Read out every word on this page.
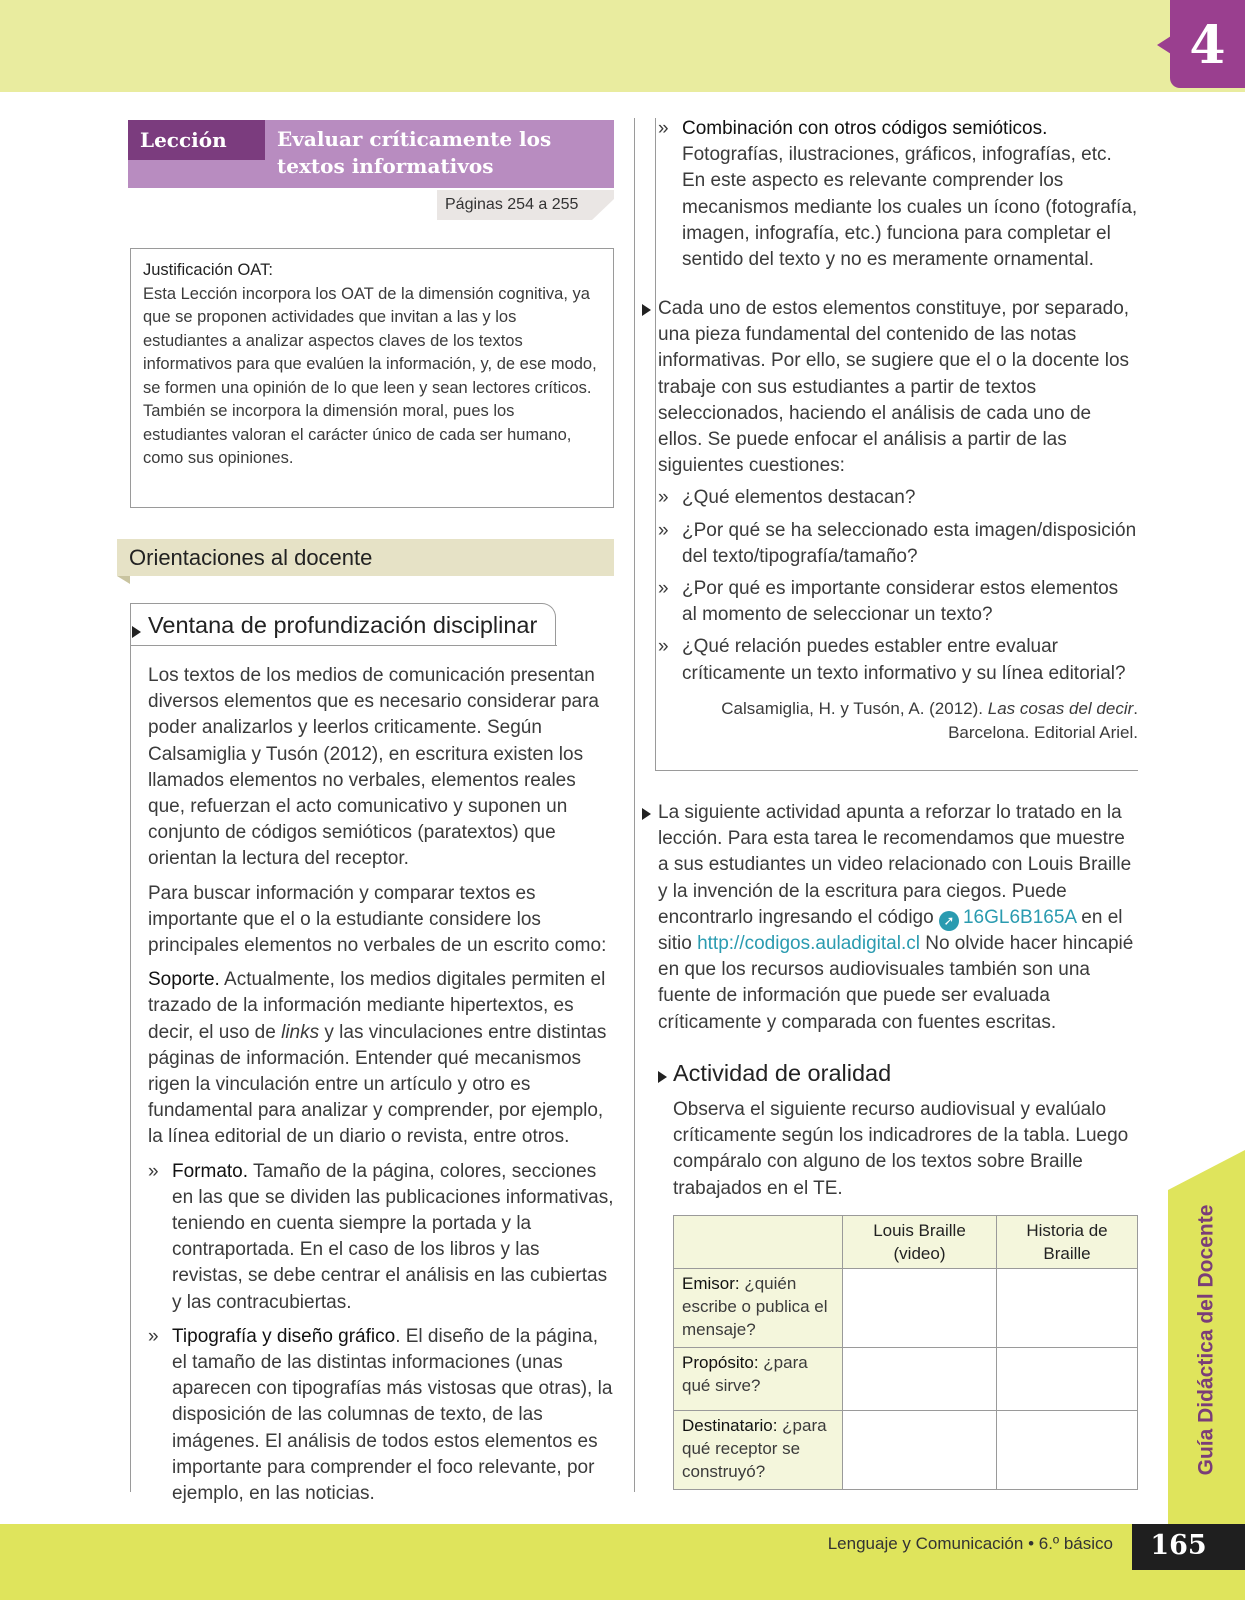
4
Guía Didáctica del Docente
Lenguaje y Comunicación • 6.º básico	165
Lección	Evaluar críticamente los textos informativos
Páginas 254 a 255

Justificación OAT:

Esta Lección incorpora los OAT de la dimensión cognitiva, ya que se proponen actividades que invitan a las y los estudiantes a analizar aspectos claves de los textos informativos para que evalúen la información, y, de ese modo, se formen una opinión de lo que leen y sean lectores críticos.

También se incorpora la dimensión moral, pues los estudiantes valoran el carácter único de cada ser humano, como sus opiniones.

Orientaciones al docente
Ventana de profundización disciplinar

Los textos de los medios de comunicación presentan diversos elementos que es necesario considerar para poder analizarlos y leerlos criticamente. Según Calsamiglia y Tusón (2012), en escritura existen los llamados elementos no verbales, elementos reales que, refuerzan el acto comunicativo y suponen un conjunto de códigos semióticos (paratextos) que orientan la lectura del receptor.

Para buscar información y comparar textos es importante que el o la estudiante considere los principales elementos no verbales de un escrito como:

Soporte. Actualmente, los medios digitales permiten el trazado de la información mediante hipertextos, es decir, el uso de links y las vinculaciones entre distintas páginas de información. Entender qué mecanismos rigen la vinculación entre un artículo y otro es fundamental para analizar y comprender, por ejemplo, la línea editorial de un diario o revista, entre otros.

» Formato. Tamaño de la página, colores, secciones en las que se dividen las publicaciones informativas, teniendo en cuenta siempre la portada y la contraportada. En el caso de los libros y las revistas, se debe centrar el análisis en las cubiertas y las contracubiertas.
» Tipografía y diseño gráfico. El diseño de la página, el tamaño de las distintas informaciones (unas aparecen con tipografías más vistosas que otras), la disposición de las columnas de texto, de las imágenes. El análisis de todos estos elementos es importante para comprender el foco relevante, por ejemplo, en las noticias.
» Combinación con otros códigos semióticos. Fotografías, ilustraciones, gráficos, infografías, etc. En este aspecto es relevante comprender los mecanismos mediante los cuales un ícono (fotografía, imagen, infografía, etc.) funciona para completar el sentido del texto y no es meramente ornamental.

Cada uno de estos elementos constituye, por separado, una pieza fundamental del contenido de las notas informativas. Por ello, se sugiere que el o la docente los trabaje con sus estudiantes a partir de textos seleccionados, haciendo el análisis de cada uno de ellos. Se puede enfocar el análisis a partir de las siguientes cuestiones:

» ¿Qué elementos destacan?
» ¿Por qué se ha seleccionado esta imagen/disposición del texto/tipografía/tamaño?
» ¿Por qué es importante considerar estos elementos al momento de seleccionar un texto?
» ¿Qué relación puedes establer entre evaluar críticamente un texto informativo y su línea editorial?
Calsamiglia, H. y Tusón, A. (2012). Las cosas del decir.
Barcelona. Editorial Ariel.

La siguiente actividad apunta a reforzar lo tratado en la lección. Para esta tarea le recomendamos que muestre a sus estudiantes un video relacionado con Louis Braille y la invención de la escritura para ciegos. Puede encontrarlo ingresando el código ➚ 16GL6B165A en el sitio http://codigos.auladigital.cl No olvide hacer hincapié en que los recursos audiovisuales también son una fuente de información que puede ser evaluada críticamente y comparada con fuentes escritas.

Actividad de oralidad

Observa el siguiente recurso audiovisual y evalúalo críticamente según los indicadrores de la tabla. Luego compáralo con alguno de los textos sobre Braille trabajados en el TE.

	Louis Braille (video)	Historia de Braille
Emisor: ¿quién escribe o publica el mensaje?		
Propósito: ¿para qué sirve?		
Destinatario: ¿para qué receptor se construyó?		
